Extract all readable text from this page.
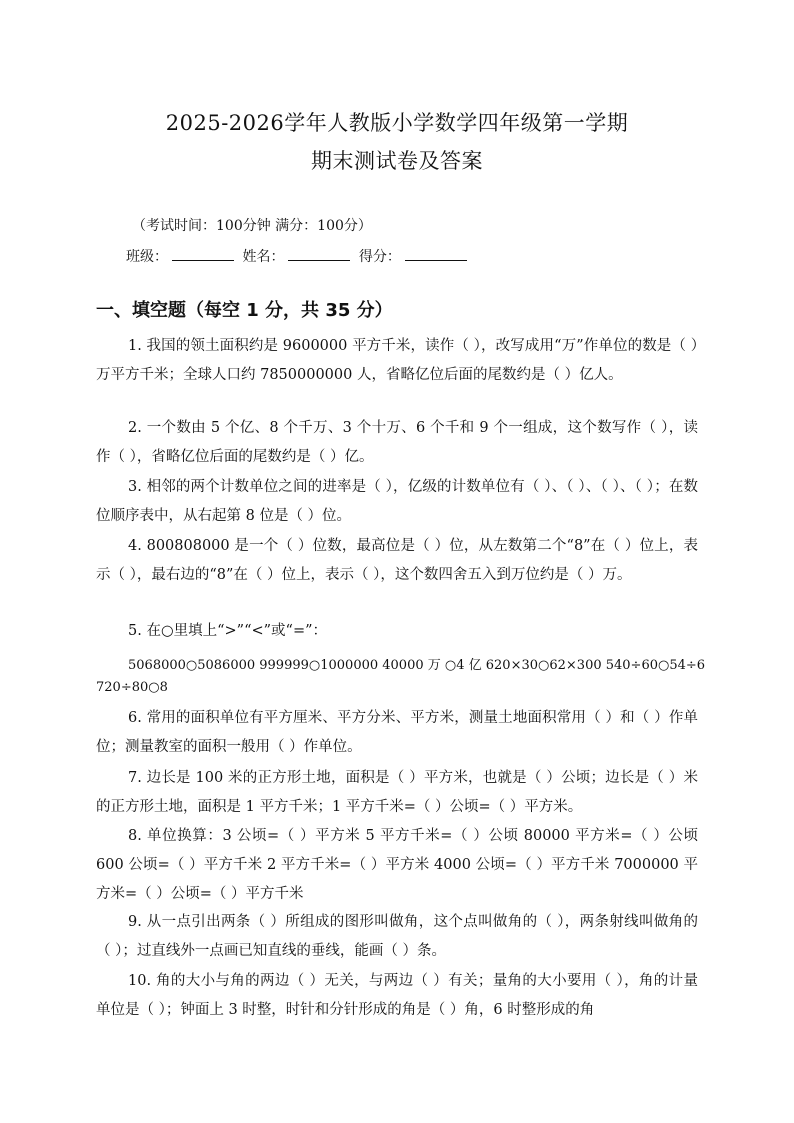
2025-2026学年人教版小学数学四年级第一学期
期末测试卷及答案
（考试时间：100分钟 满分：100分）
班级：	姓名：	得分：
一、填空题（每空 1 分，共 35 分）
1. 我国的领土面积约是 9600000 平方千米，读作（ ），改写成用“万”作单位的数是（ ）万平方千米；全球人口约 7850000000 人，省略亿位后面的尾数约是（ ）亿人。
2. 一个数由 5 个亿、8 个千万、3 个十万、6 个千和 9 个一组成，这个数写作（ ），读作（ ），省略亿位后面的尾数约是（ ）亿。
3. 相邻的两个计数单位之间的进率是（ ），亿级的计数单位有（ ）、（ ）、（ ）、（ ）；在数位顺序表中，从右起第 8 位是（ ）位。
4. 800808000 是一个（ ）位数，最高位是（ ）位，从左数第二个“8”在（ ）位上，表示（ ），最右边的“8”在（ ）位上，表示（ ），这个数四舍五入到万位约是（ ）万。
5. 在○里填上“>”“<”或“=”：
5068000○5086000 999999○1000000 40000 万 ○4 亿 620×30○62×300 540÷60○54÷6
720÷80○8
6. 常用的面积单位有平方厘米、平方分米、平方米，测量土地面积常用（ ）和（ ）作单位；测量教室的面积一般用（ ）作单位。
7. 边长是 100 米的正方形土地，面积是（ ）平方米，也就是（ ）公顷；边长是（ ）米的正方形土地，面积是 1 平方千米；1 平方千米=（ ）公顷=（ ）平方米。
8. 单位换算：3 公顷=（ ）平方米 5 平方千米=（ ）公顷 80000 平方米=（ ）公顷 600 公顷=（ ）平方千米 2 平方千米=（ ）平方米 4000 公顷=（ ）平方千米 7000000 平方米=（ ）公顷=（ ）平方千米
9. 从一点引出两条（ ）所组成的图形叫做角，这个点叫做角的（ ），两条射线叫做角的（ ）；过直线外一点画已知直线的垂线，能画（ ）条。
10. 角的大小与角的两边（ ）无关，与两边（ ）有关；量角的大小要用（ ），角的计量单位是（ ）；钟面上 3 时整，时针和分针形成的角是（ ）角，6 时整形成的角
